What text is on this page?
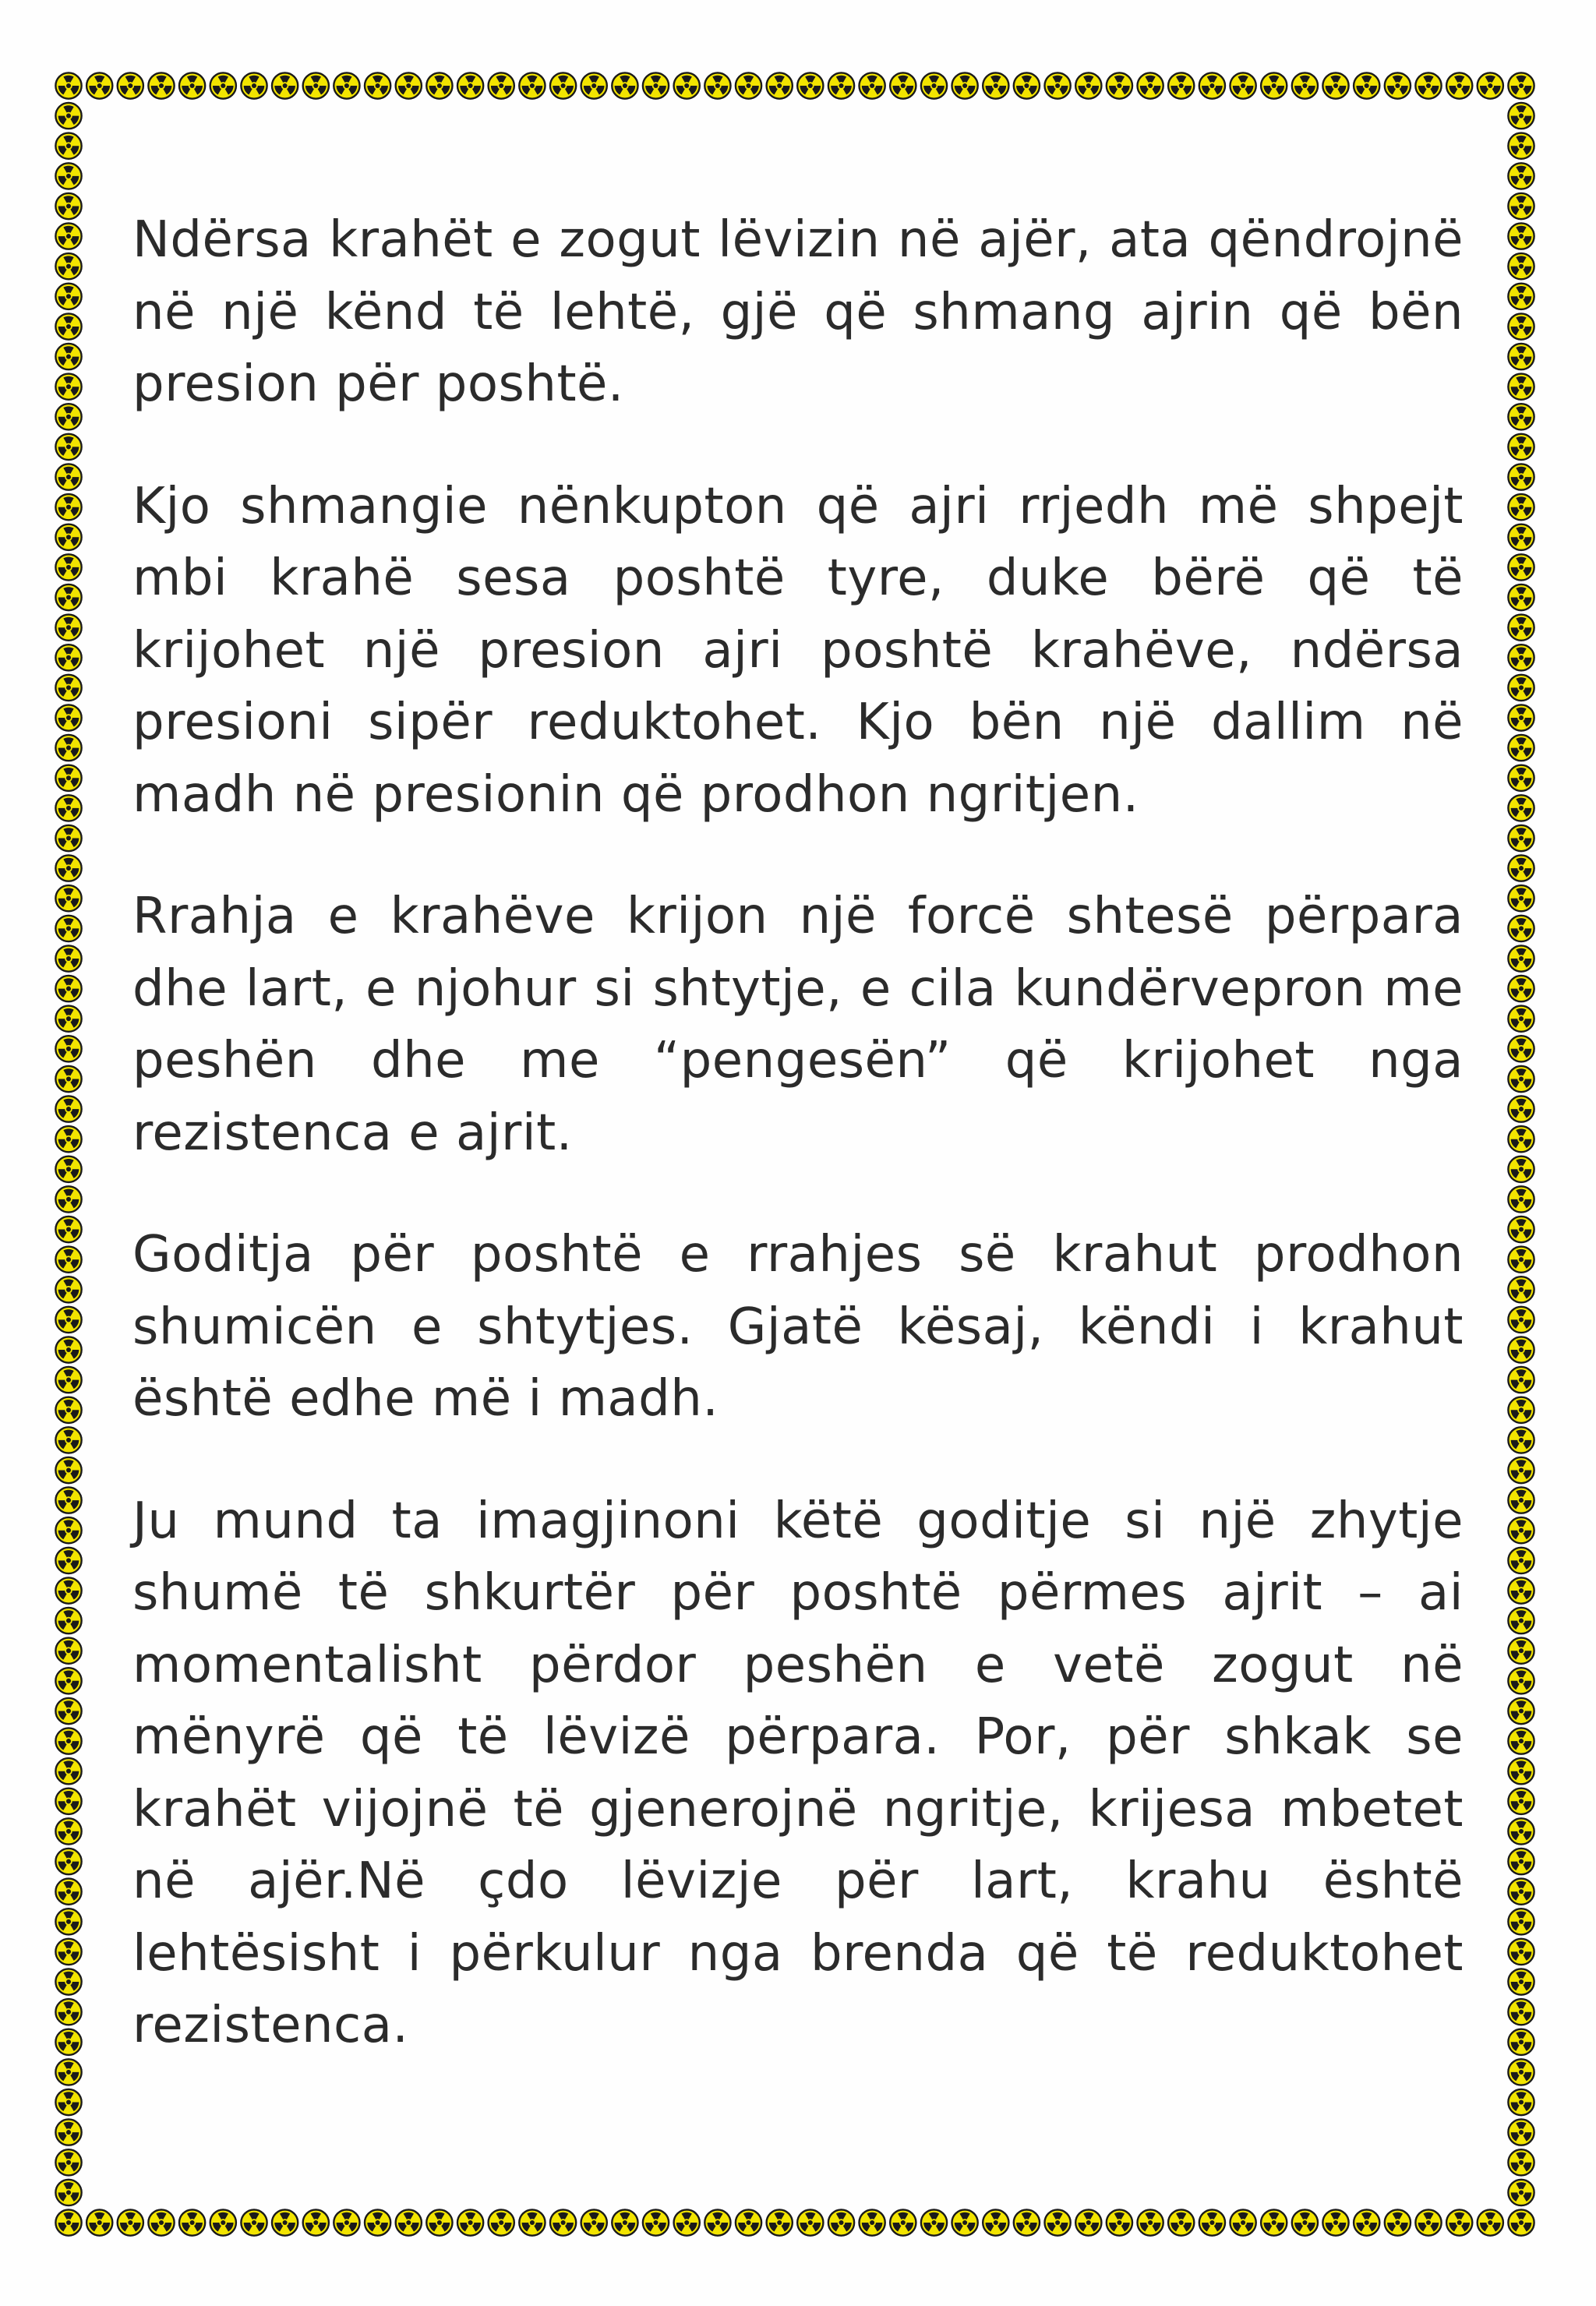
Ndërsa krahët e zogut lëvizin në ajër, ata qëndrojnë në një kënd të lehtë, gjë që shmang ajrin që bën presion për poshtë.

Kjo shmangie nënkupton që ajri rrjedh më shpejt mbi krahë sesa poshtë tyre, duke bërë që të krijohet një presion ajri poshtë krahëve, ndërsa presioni sipër reduktohet. Kjo bën një dallim në madh në presionin që prodhon ngritjen.

Rrahja e krahëve krijon një forcë shtesë përpara dhe lart, e njohur si shtytje, e cila kundërvepron me peshën dhe me “pengesën” që krijohet nga rezistenca e ajrit.

Goditja për poshtë e rrahjes së krahut prodhon shumicën e shtytjes. Gjatë kësaj, këndi i krahut është edhe më i madh.

Ju mund ta imagjinoni këtë goditje si një zhytje shumë të shkurtër për poshtë përmes ajrit – ai momentalisht përdor peshën e vetë zogut në mënyrë që të lëvizë përpara. Por, për shkak se krahët vijojnë të gjenerojnë ngritje, krijesa mbetet në ajër.Në çdo lëvizje për lart, krahu është lehtësisht i përkulur nga brenda që të reduktohet rezistenca.
